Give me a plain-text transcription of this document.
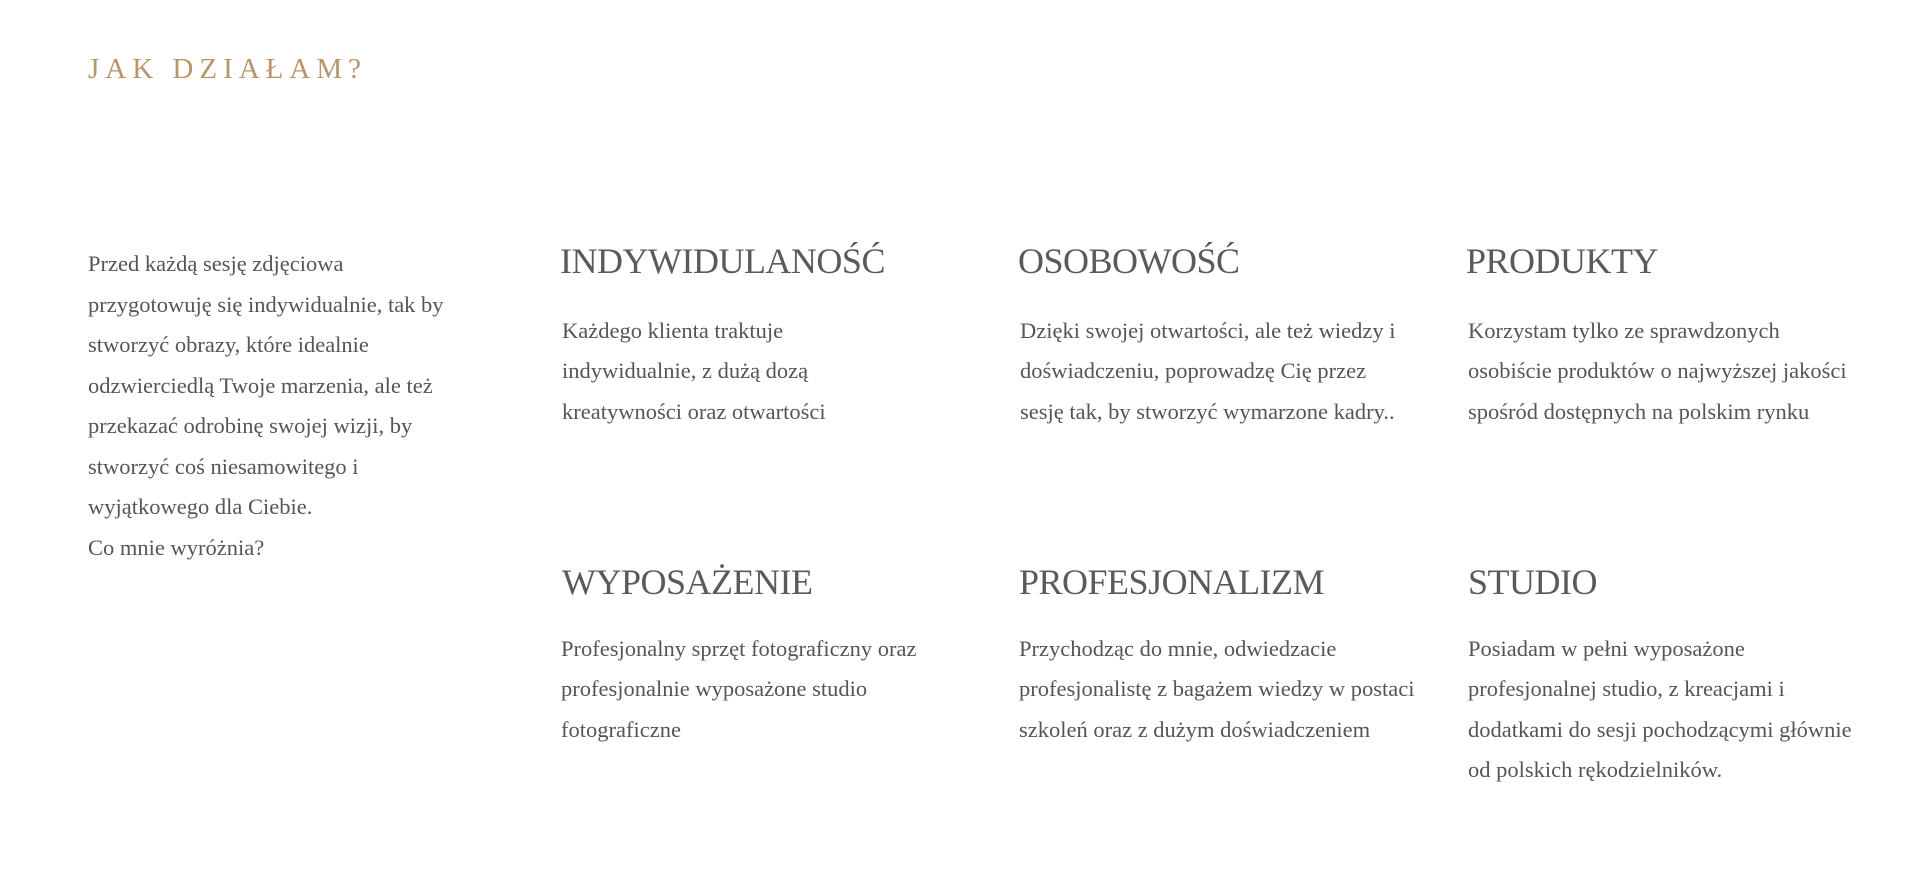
JAK DZIAŁAM?

Przed każdą sesję zdjęciowa przygotowuję się indywidualnie, tak by stworzyć obrazy, które idealnie odzwierciedlą Twoje marzenia, ale też przekazać odrobinę swojej wizji, by stworzyć coś niesamowitego i wyjątkowego dla Ciebie.

Co mnie wyróżnia?

INDYWIDULANOŚĆ

Każdego klienta traktuje indywidualnie, z dużą dozą kreatywności oraz otwartości

OSOBOWOŚĆ

Dzięki swojej otwartości, ale też wiedzy i doświadczeniu, poprowadzę Cię przez sesję tak, by stworzyć wymarzone kadry..

PRODUKTY

Korzystam tylko ze sprawdzonych osobiście produktów o najwyższej jakości spośród dostępnych na polskim rynku

WYPOSAŻENIE

Profesjonalny sprzęt fotograficzny oraz profesjonalnie wyposażone studio fotograficzne

PROFESJONALIZM

Przychodząc do mnie, odwiedzacie profesjonalistę z bagażem wiedzy w postaci szkoleń oraz z dużym doświadczeniem

STUDIO

Posiadam w pełni wyposażone profesjonalnej studio, z kreacjami i dodatkami do sesji pochodzącymi głównie od polskich rękodzielników.
